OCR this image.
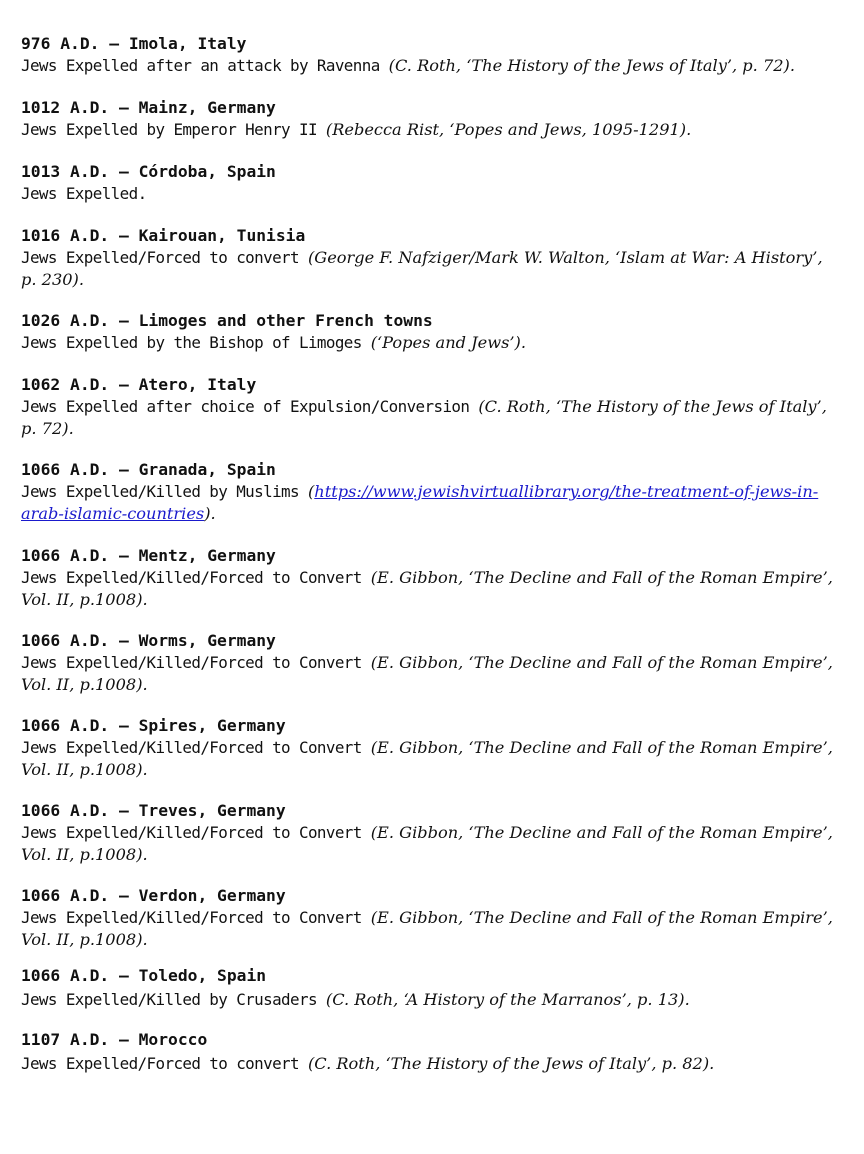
976 A.D. – Imola, Italy
Jews Expelled after an attack by Ravenna (C. Roth, ‘The History of the Jews of Italy’, p. 72).
1012 A.D. – Mainz, Germany
Jews Expelled by Emperor Henry II (Rebecca Rist, ‘Popes and Jews, 1095-1291).
1013 A.D. – Córdoba, Spain
Jews Expelled.
1016 A.D. – Kairouan, Tunisia
Jews Expelled/Forced to convert (George F. Nafziger/Mark W. Walton, ‘Islam at War: A History’, p. 230).
1026 A.D. – Limoges and other French towns
Jews Expelled by the Bishop of Limoges (‘Popes and Jews’).
1062 A.D. – Atero, Italy
Jews Expelled after choice of Expulsion/Conversion (C. Roth, ‘The History of the Jews of Italy’, p. 72).
1066 A.D. – Granada, Spain
Jews Expelled/Killed by Muslims (https://www.jewishvirtuallibrary.org/the-treatment-of-jews-in-arab-islamic-countries).
1066 A.D. – Mentz, Germany
Jews Expelled/Killed/Forced to Convert (E. Gibbon, ‘The Decline and Fall of the Roman Empire’, Vol. II, p.1008).
1066 A.D. – Worms, Germany
Jews Expelled/Killed/Forced to Convert (E. Gibbon, ‘The Decline and Fall of the Roman Empire’, Vol. II, p.1008).
1066 A.D. – Spires, Germany
Jews Expelled/Killed/Forced to Convert (E. Gibbon, ‘The Decline and Fall of the Roman Empire’, Vol. II, p.1008).
1066 A.D. – Treves, Germany
Jews Expelled/Killed/Forced to Convert (E. Gibbon, ‘The Decline and Fall of the Roman Empire’, Vol. II, p.1008).
1066 A.D. – Verdon, Germany
Jews Expelled/Killed/Forced to Convert (E. Gibbon, ‘The Decline and Fall of the Roman Empire’, Vol. II, p.1008).
1066 A.D. – Toledo, Spain
Jews Expelled/Killed by Crusaders (C. Roth, ‘A History of the Marranos’, p. 13).
1107 A.D. – Morocco
Jews Expelled/Forced to convert (C. Roth, ‘The History of the Jews of Italy’, p. 82).
